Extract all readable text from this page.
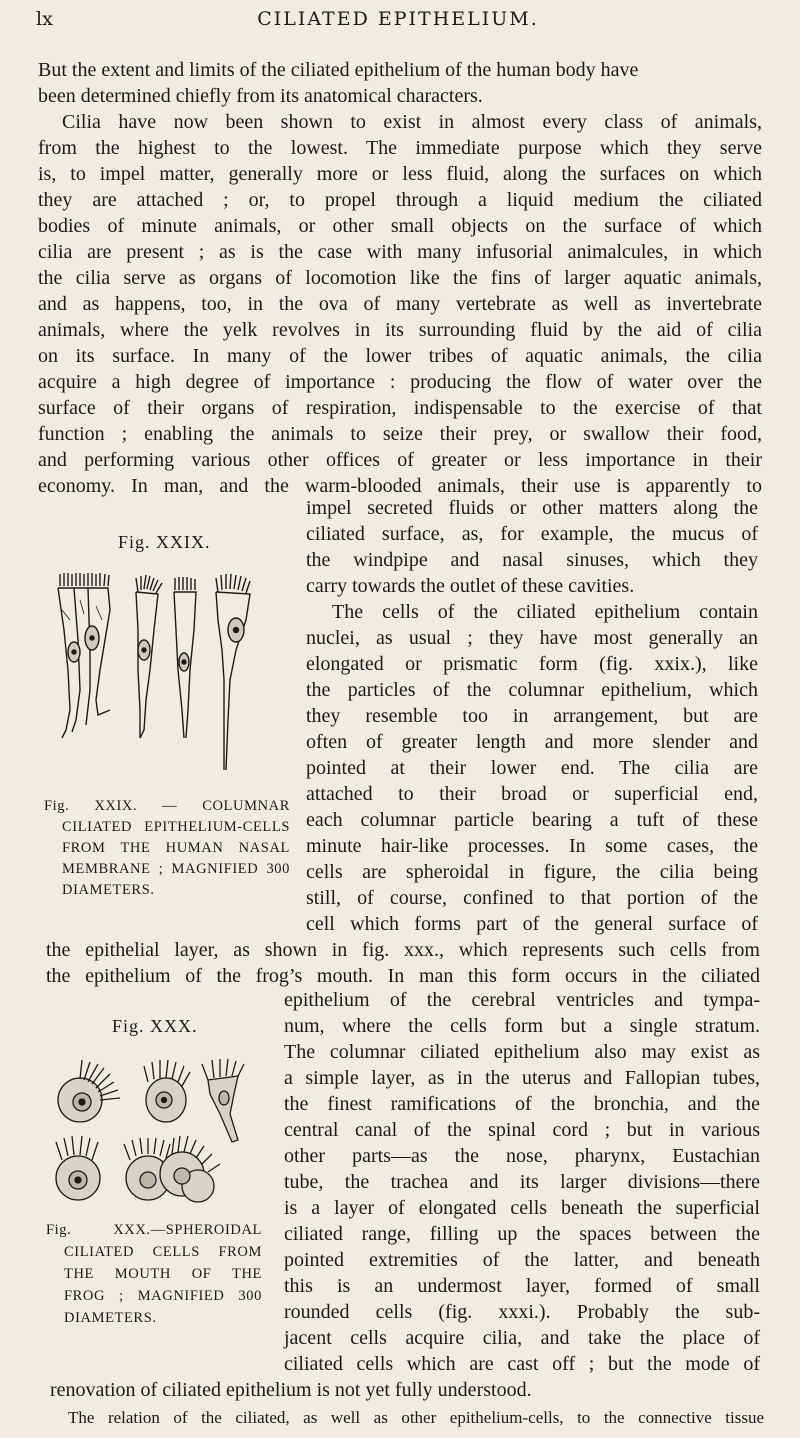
lx	CILIATED EPITHELIUM.
But the extent and limits of the ciliated epithelium of the human body have
been determined chiefly from its anatomical characters.
Cilia have now been shown to exist in almost every class of animals,
from the highest to the lowest. The immediate purpose which they serve
is, to impel matter, generally more or less fluid, along the surfaces on which
they are attached ; or, to propel through a liquid medium the ciliated
bodies of minute animals, or other small objects on the surface of which
cilia are present ; as is the case with many infusorial animalcules, in which
the cilia serve as organs of locomotion like the fins of larger aquatic animals,
and as happens, too, in the ova of many vertebrate as well as invertebrate
animals, where the yelk revolves in its surrounding fluid by the aid of cilia
on its surface. In many of the lower tribes of aquatic animals, the cilia
acquire a high degree of importance : producing the flow of water over the
surface of their organs of respiration, indispensable to the exercise of that
function ; enabling the animals to seize their prey, or swallow their food,
and performing various other offices of greater or less importance in their
economy. In man, and the warm-blooded animals, their use is apparently to
Fig. XXIX.
Fig. XXIX. — COLUMNAR
CILIATED EPITHELIUM-CELLS
FROM THE HUMAN NASAL
MEMBRANE ; MAGNIFIED 300
DIAMETERS.
impel secreted fluids or other matters along the
ciliated surface, as, for example, the mucus of
the windpipe and nasal sinuses, which they
carry towards the outlet of these cavities.
The cells of the ciliated epithelium contain
nuclei, as usual ; they have most generally an
elongated or prismatic form (fig. xxix.), like
the particles of the columnar epithelium, which
they resemble too in arrangement, but are
often of greater length and more slender and
pointed at their lower end. The cilia are
attached to their broad or superficial end,
each columnar particle bearing a tuft of these
minute hair-like processes. In some cases, the
cells are spheroidal in figure, the cilia being
still, of course, confined to that portion of the
cell which forms part of the general surface of
the epithelial layer, as shown in fig. xxx., which represents such cells from
the epithelium of the frog’s mouth. In man this form occurs in the ciliated
Fig. XXX.
Fig. XXX.—SPHEROIDAL
CILIATED CELLS FROM
THE MOUTH OF THE
FROG ; MAGNIFIED 300
DIAMETERS.
epithelium of the cerebral ventricles and tympa-
num, where the cells form but a single stratum.
The columnar ciliated epithelium also may exist as
a simple layer, as in the uterus and Fallopian tubes,
the finest ramifications of the bronchia, and the
central canal of the spinal cord ; but in various
other parts—as the nose, pharynx, Eustachian
tube, the trachea and its larger divisions—there
is a layer of elongated cells beneath the superficial
ciliated range, filling up the spaces between the
pointed extremities of the latter, and beneath
this is an undermost layer, formed of small
rounded cells (fig. xxxi.). Probably the sub-
jacent cells acquire cilia, and take the place of
ciliated cells which are cast off ; but the mode of
renovation of ciliated epithelium is not yet fully understood.
The relation of the ciliated, as well as other epithelium-cells, to the connective tissue
